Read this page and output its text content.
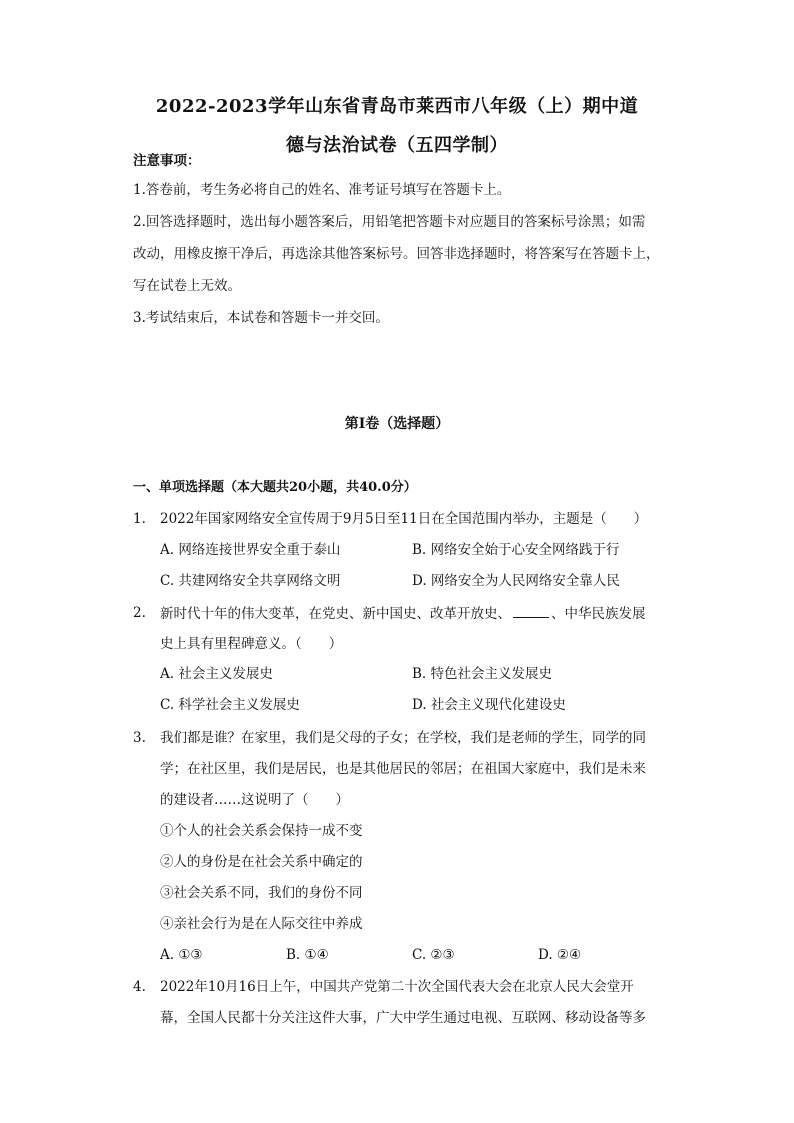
2022-2023学年山东省青岛市莱西市八年级（上）期中道
德与法治试卷（五四学制）
注意事项：
1.答卷前，考生务必将自己的姓名、准考证号填写在答题卡上。
2.回答选择题时，选出每小题答案后，用铅笔把答题卡对应题目的答案标号涂黑；如需
改动，用橡皮擦干净后，再选涂其他答案标号。回答非选择题时，将答案写在答题卡上，
写在试卷上无效。
3.考试结束后，本试卷和答题卡一并交回。
第I卷（选择题）
一、单项选择题（本大题共20小题，共40.0分）
1. 2022年国家网络安全宣传周于9月5日至11日在全国范围内举办，主题是（　　）
A. 网络连接世界安全重于泰山	B. 网络安全始于心安全网络践于行
C. 共建网络安全共享网络文明	D. 网络安全为人民网络安全靠人民
2. 新时代十年的伟大变革，在党史、新中国史、改革开放史、	、中华民族发展
史上具有里程碑意义。（　　）
A. 社会主义发展史	B. 特色社会主义发展史
C. 科学社会主义发展史	D. 社会主义现代化建设史
3. 我们都是谁？在家里，我们是父母的子女；在学校，我们是老师的学生，同学的同
学；在社区里，我们是居民，也是其他居民的邻居；在祖国大家庭中，我们是未来
的建设者……这说明了（　　）
①个人的社会关系会保持一成不变
②人的身份是在社会关系中确定的
③社会关系不同，我们的身份不同
④亲社会行为是在人际交往中养成
A. ①③	B. ①④	C. ②③	D. ②④
4. 2022年10月16日上午，中国共产党第二十次全国代表大会在北京人民大会堂开
幕，全国人民都十分关注这件大事，广大中学生通过电视、互联网、移动设备等多
